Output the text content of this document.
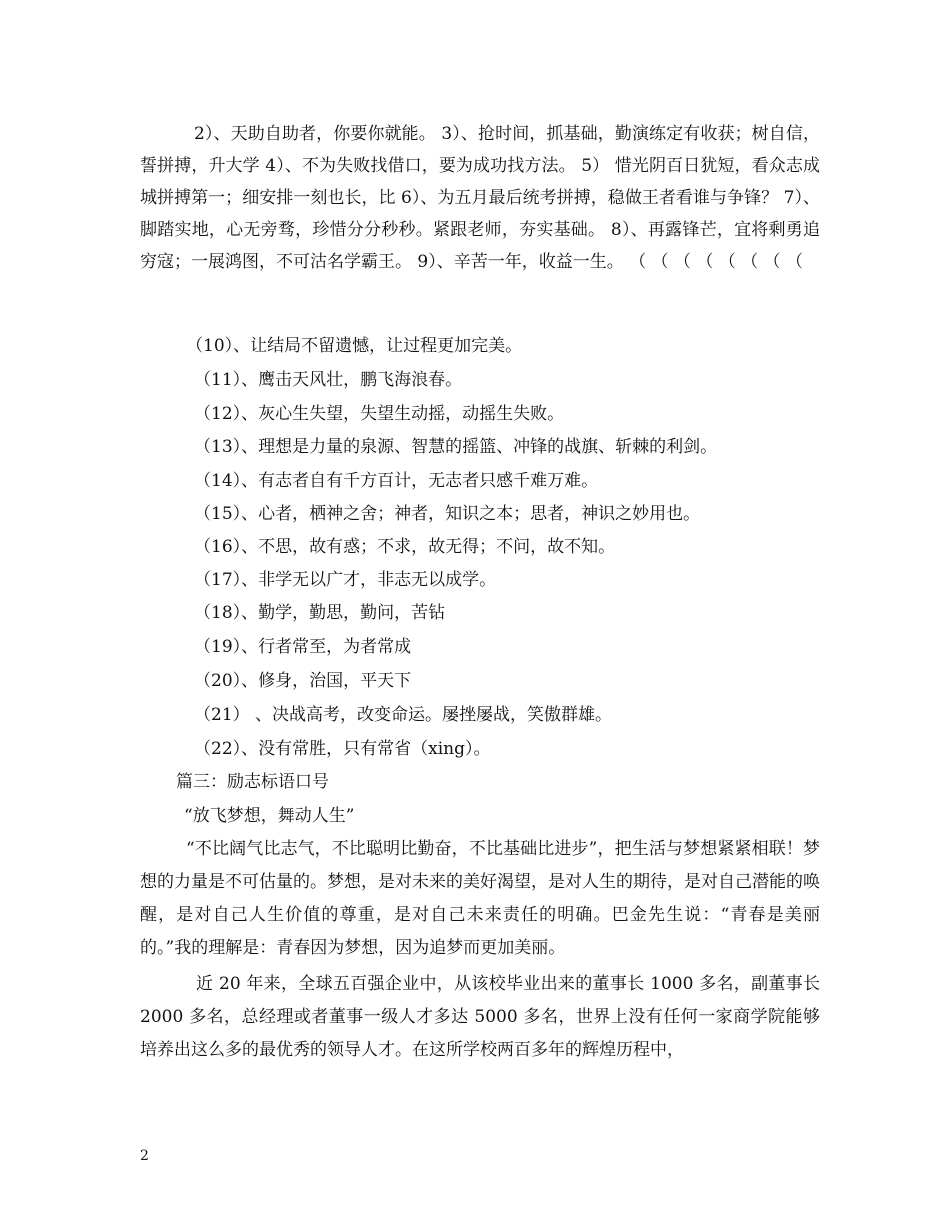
2）、天助自助者，你要你就能。 3）、抢时间，抓基础，勤演练定有收获；树自信，誓拼搏，升大学 4）、不为失败找借口，要为成功找方法。 5） 惜光阴百日犹短，看众志成城拼搏第一；细安排一刻也长，比 6）、为五月最后统考拼搏，稳做王者看谁与争锋？ 7）、脚踏实地，心无旁骛，珍惜分分秒秒。紧跟老师，夯实基础。 8）、再露锋芒，宜将剩勇追穷寇；一展鸿图，不可沽名学霸王。 9）、辛苦一年，收益一生。 （ （ （ （ （ （ （ （

（10）、让结局不留遗憾，让过程更加完美。
（11）、鹰击天风壮，鹏飞海浪春。
（12）、灰心生失望，失望生动摇，动摇生失败。
（13）、理想是力量的泉源、智慧的摇篮、冲锋的战旗、斩棘的利剑。
（14）、有志者自有千方百计，无志者只感千难万难。
（15）、心者，栖神之舍；神者，知识之本；思者，神识之妙用也。
（16）、不思，故有惑；不求，故无得；不问，故不知。
（17）、非学无以广才，非志无以成学。
（18）、勤学，勤思，勤问，苦钻
（19）、行者常至，为者常成
（20）、修身，治国，平天下
（21） 、决战高考，改变命运。屡挫屡战，笑傲群雄。
（22）、没有常胜，只有常省（xing）。
篇三：励志标语口号
“放飞梦想，舞动人生”

“不比阔气比志气，不比聪明比勤奋，不比基础比进步”，把生活与梦想紧紧相联！梦想的力量是不可估量的。梦想，是对未来的美好渴望，是对人生的期待，是对自己潜能的唤醒，是对自己人生价值的尊重，是对自己未来责任的明确。巴金先生说：“青春是美丽的。”我的理解是：青春因为梦想，因为追梦而更加美丽。

近 20 年来，全球五百强企业中，从该校毕业出来的董事长 1000 多名，副董事长 2000 多名，总经理或者董事一级人才多达 5000 多名，世界上没有任何一家商学院能够培养出这么多的最优秀的领导人才。在这所学校两百多年的辉煌历程中，

2
